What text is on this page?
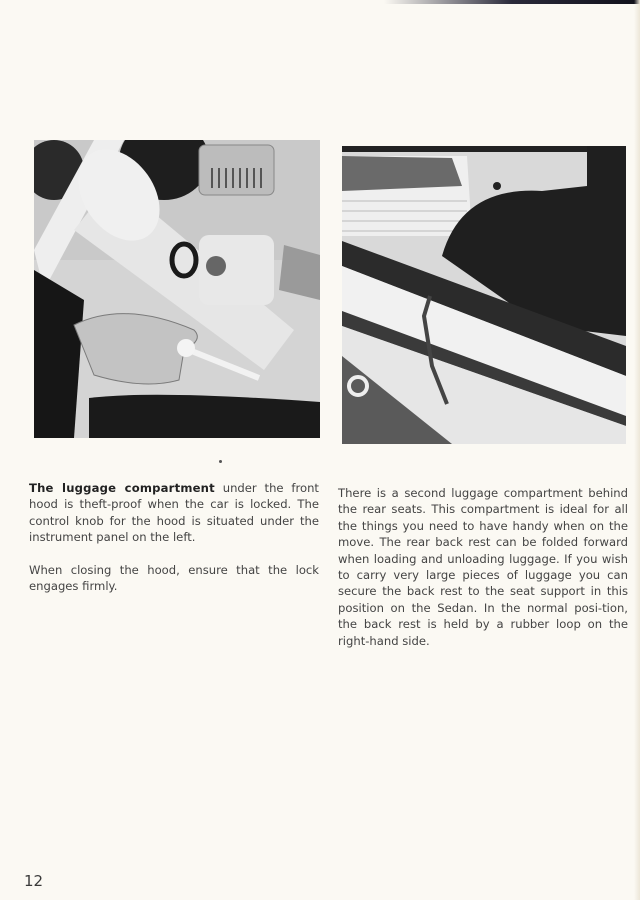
The luggage compartment under the front hood is theft-proof when the car is locked. The control knob for the hood is situated under the instrument panel on the left.

When closing the hood, ensure that the lock engages firmly.

There is a second luggage compartment behind the rear seats. This compartment is ideal for all the things you need to have handy when on the move. The rear back rest can be folded forward when loading and unloading luggage. If you wish to carry very large pieces of luggage you can secure the back rest to the seat support in this position on the Sedan. In the normal posi-tion, the back rest is held by a rubber loop on the right-hand side.

12
